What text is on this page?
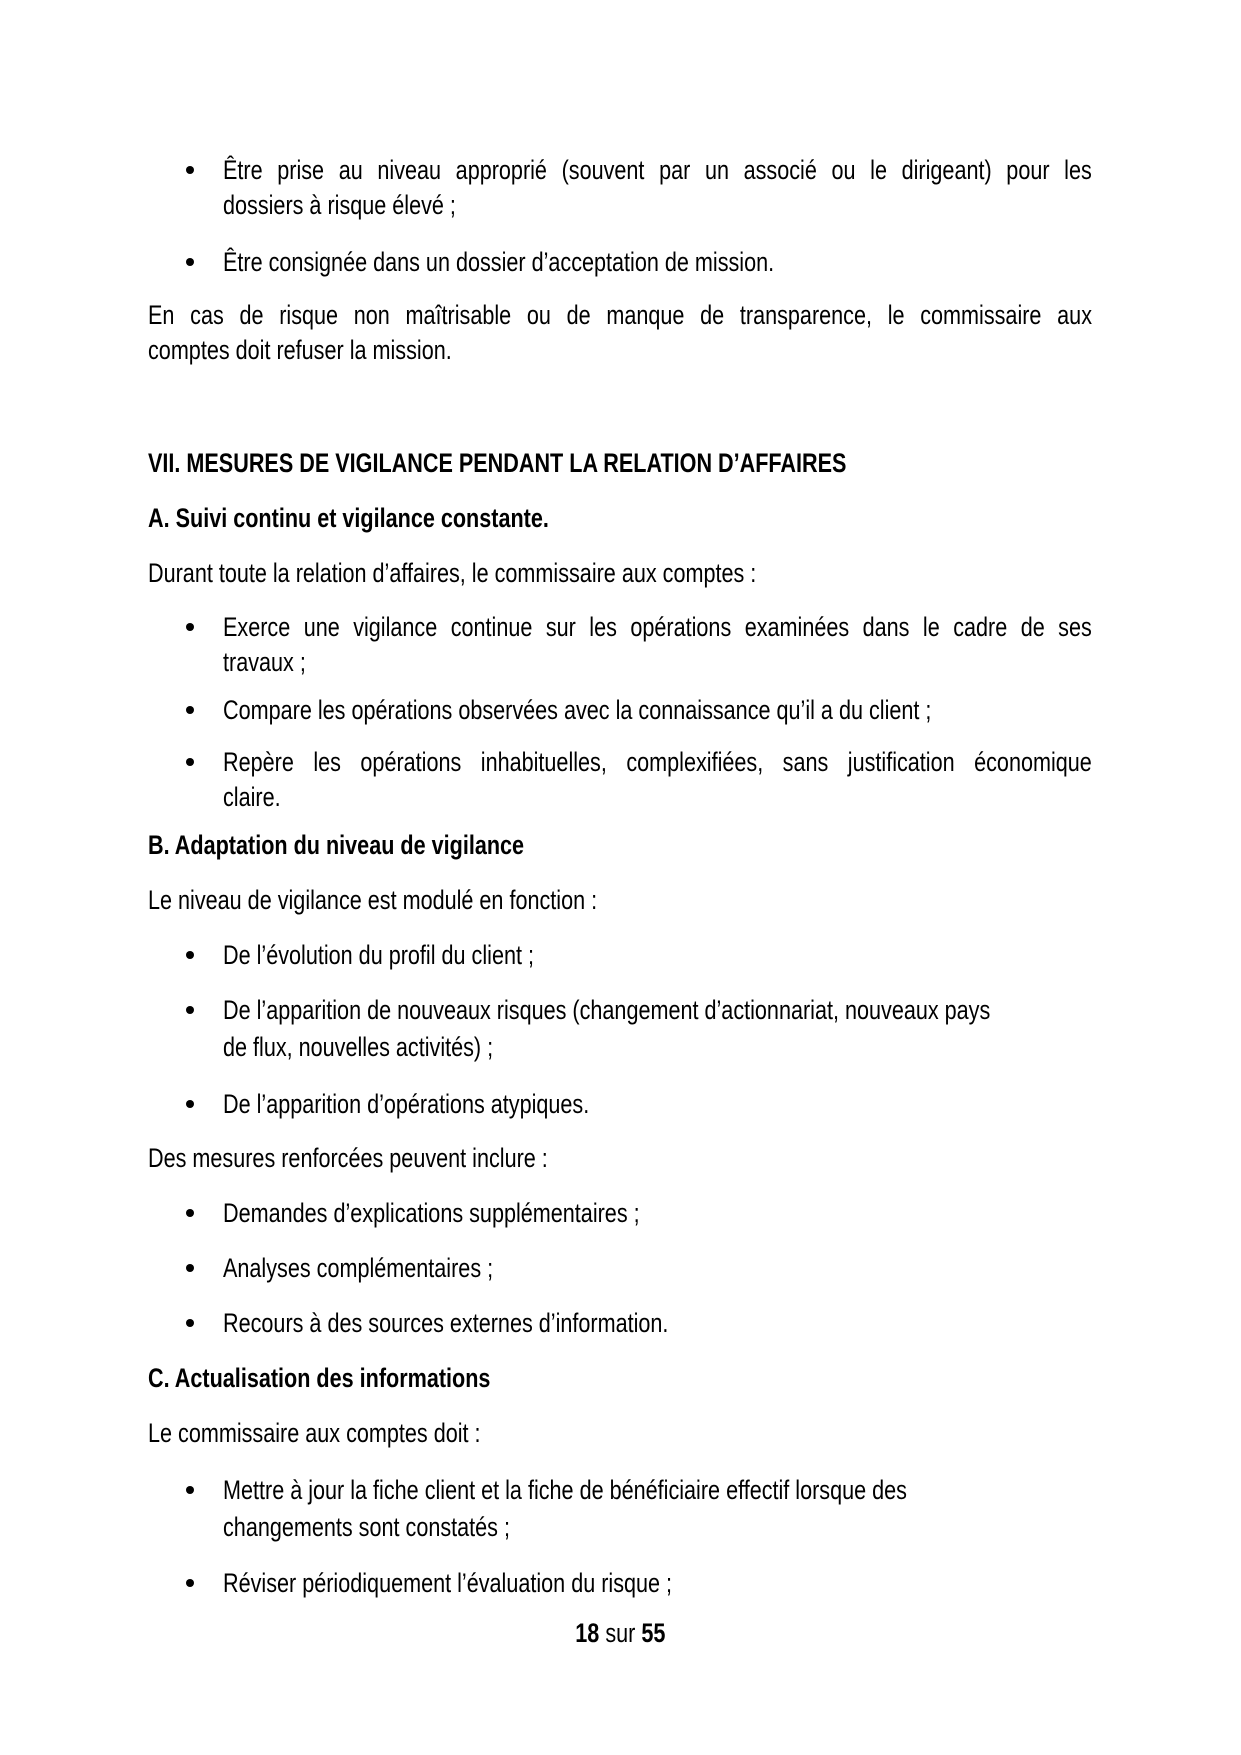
Être prise au niveau approprié (souvent par un associé ou le dirigeant) pour les
dossiers à risque élevé ;
Être consignée dans un dossier d’acceptation de mission.
En cas de risque non maîtrisable ou de manque de transparence, le commissaire aux
comptes doit refuser la mission.
VII. MESURES DE VIGILANCE PENDANT LA RELATION D’AFFAIRES
A. Suivi continu et vigilance constante.
Durant toute la relation d’affaires, le commissaire aux comptes :
Exerce une vigilance continue sur les opérations examinées dans le cadre de ses
travaux ;
Compare les opérations observées avec la connaissance qu’il a du client ;
Repère les opérations inhabituelles, complexifiées, sans justification économique
claire.
B. Adaptation du niveau de vigilance
Le niveau de vigilance est modulé en fonction :
De l’évolution du profil du client ;
De l’apparition de nouveaux risques (changement d’actionnariat, nouveaux pays
de flux, nouvelles activités) ;
De l’apparition d’opérations atypiques.
Des mesures renforcées peuvent inclure :
Demandes d’explications supplémentaires ;
Analyses complémentaires ;
Recours à des sources externes d’information.
C. Actualisation des informations
Le commissaire aux comptes doit :
Mettre à jour la fiche client et la fiche de bénéficiaire effectif lorsque des
changements sont constatés ;
Réviser périodiquement l’évaluation du risque ;
18 sur 55
